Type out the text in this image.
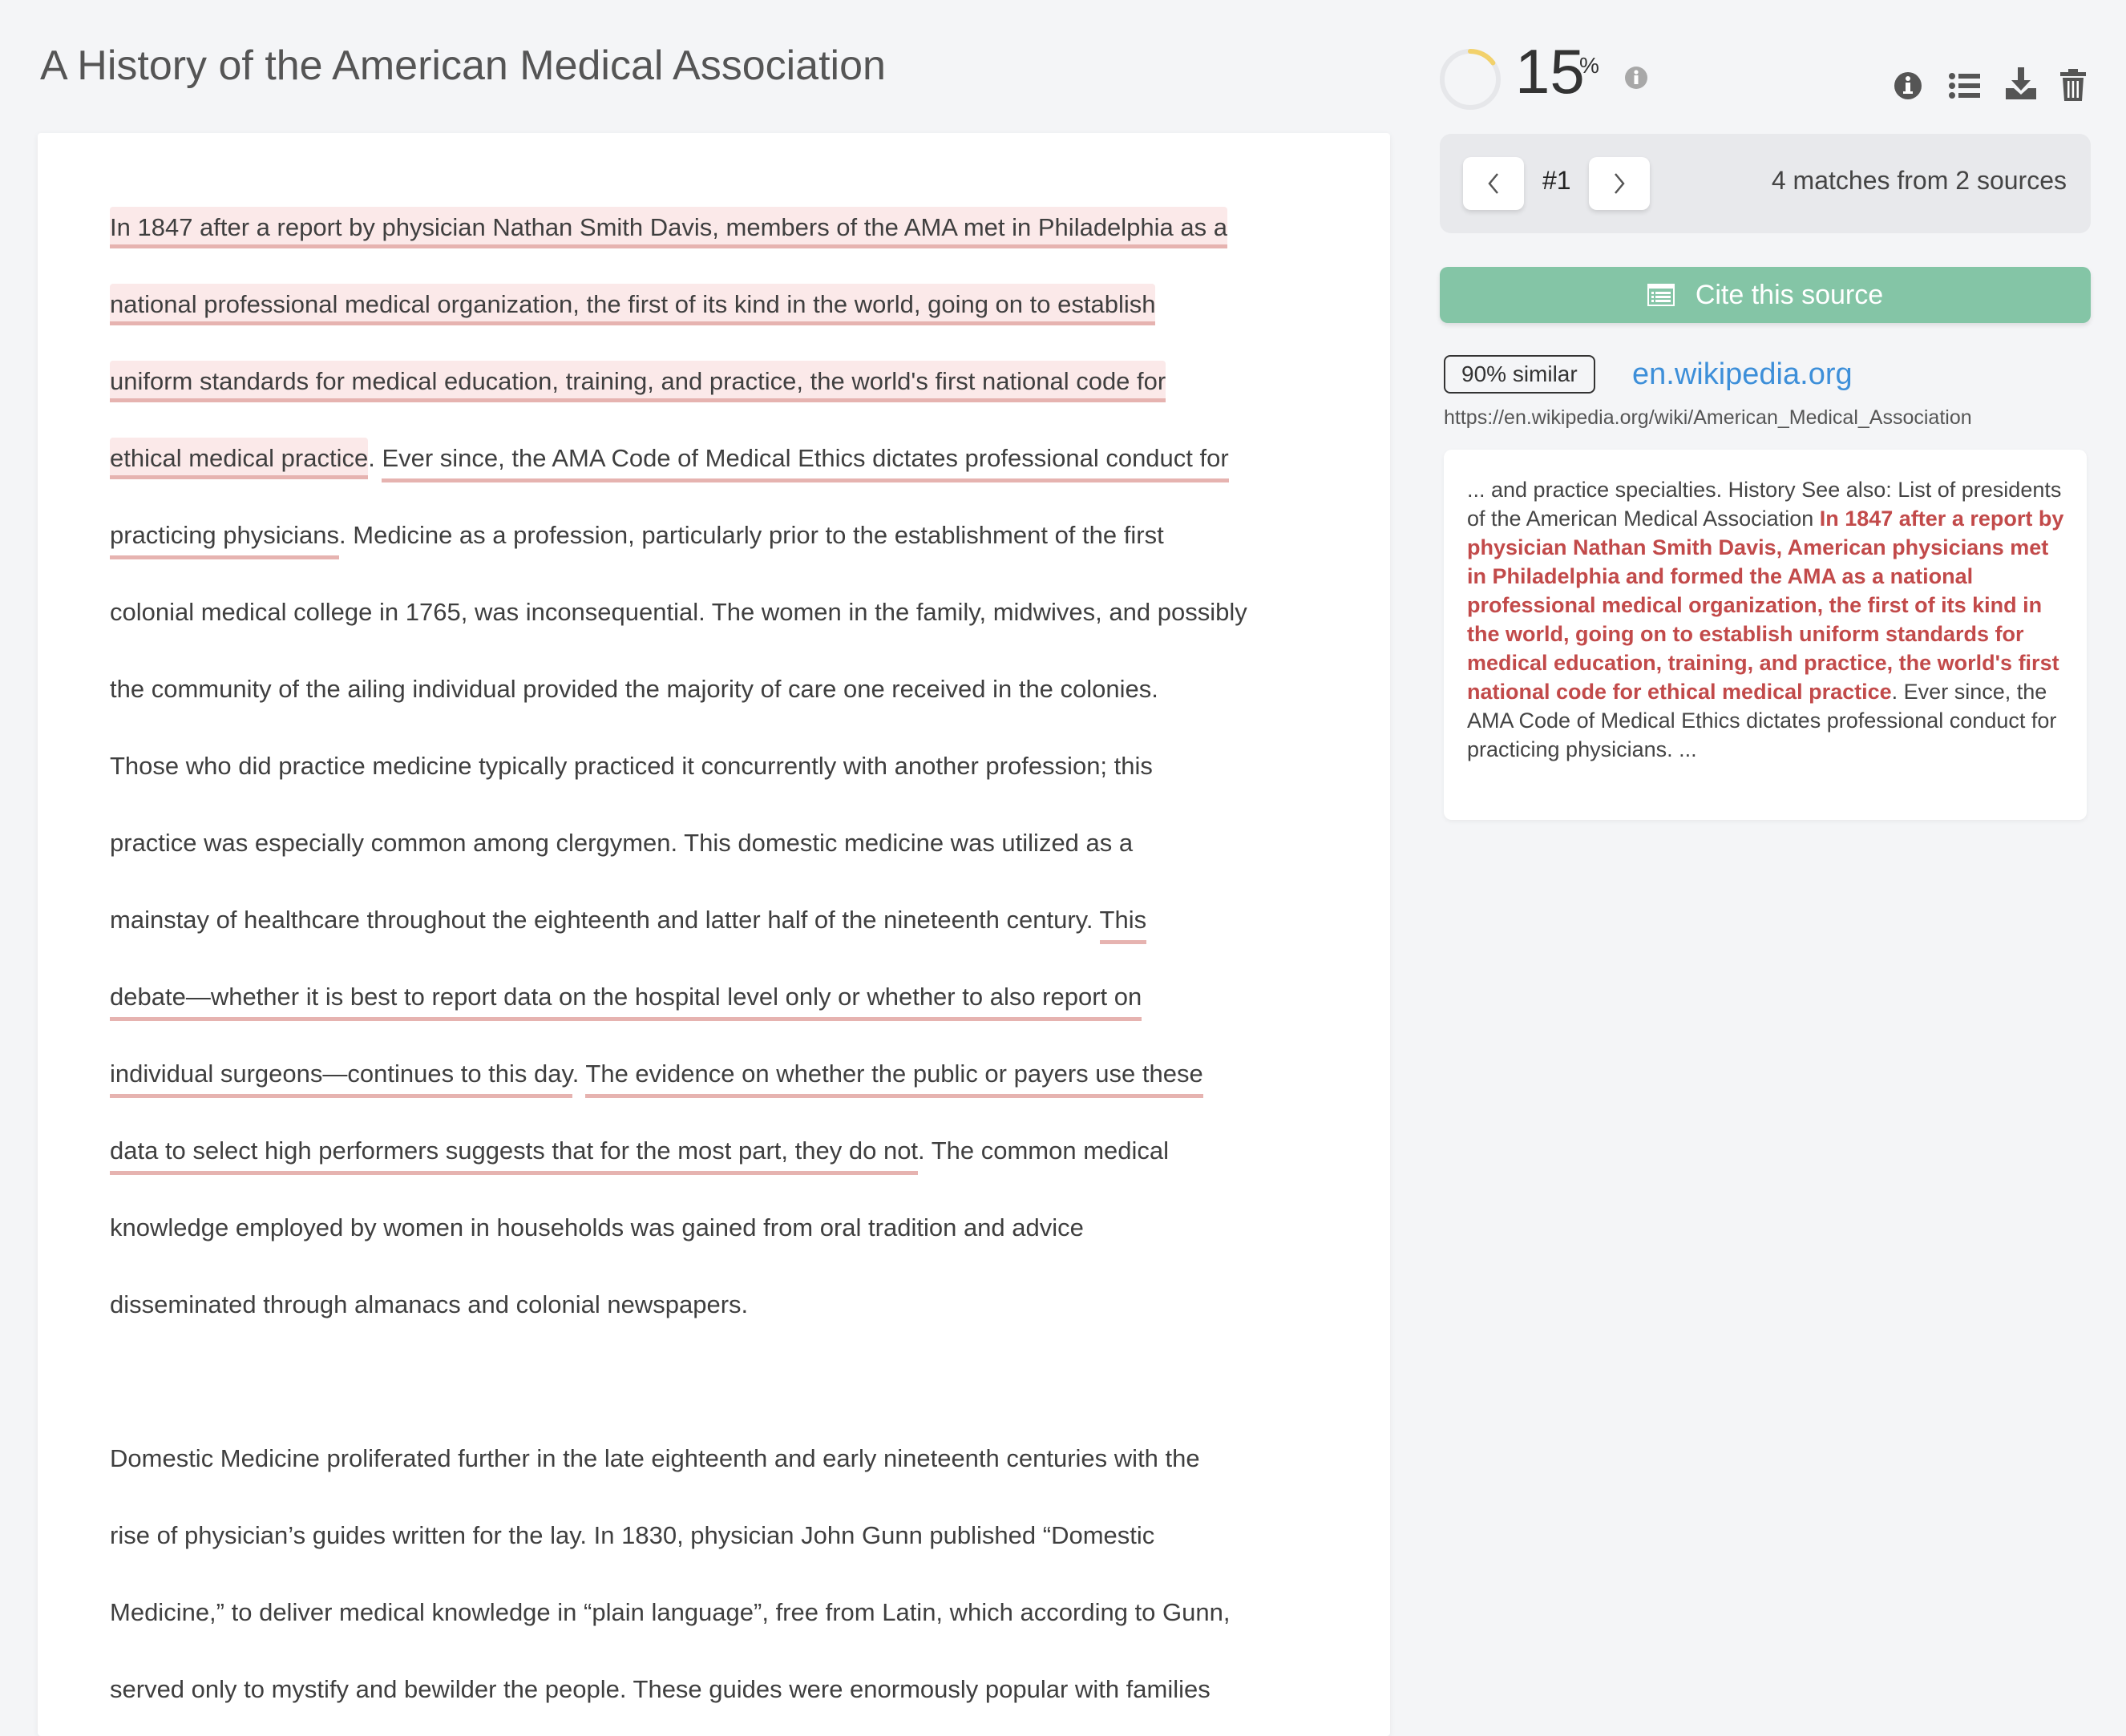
A History of the American Medical Association
In 1847 after a report by physician Nathan Smith Davis, members of the AMA met in Philadelphia as a
national professional medical organization, the first of its kind in the world, going on to establish
uniform standards for medical education, training, and practice, the world's first national code for
ethical medical practice. Ever since, the AMA Code of Medical Ethics dictates professional conduct for
practicing physicians. Medicine as a profession, particularly prior to the establishment of the first
colonial medical college in 1765, was inconsequential. The women in the family, midwives, and possibly
the community of the ailing individual provided the majority of care one received in the colonies.
Those who did practice medicine typically practiced it concurrently with another profession; this
practice was especially common among clergymen. This domestic medicine was utilized as a
mainstay of healthcare throughout the eighteenth and latter half of the nineteenth century. This
debate—whether it is best to report data on the hospital level only or whether to also report on
individual surgeons—continues to this day. The evidence on whether the public or payers use these
data to select high performers suggests that for the most part, they do not. The common medical
knowledge employed by women in households was gained from oral tradition and advice
disseminated through almanacs and colonial newspapers.
Domestic Medicine proliferated further in the late eighteenth and early nineteenth centuries with the
rise of physician’s guides written for the lay. In 1830, physician John Gunn published “Domestic
Medicine,” to deliver medical knowledge in “plain language”, free from Latin, which according to Gunn,
served only to mystify and bewilder the people. These guides were enormously popular with families
15
%
#1	4 matches from 2 sources
Cite this source
90% similar	en.wikipedia.org
https://en.wikipedia.org/wiki/American_Medical_Association
... and practice specialties. History See also: List of presidents of the American Medical Association In 1847 after a report by physician Nathan Smith Davis, American physicians met in Philadelphia and formed the AMA as a national professional medical organization, the first of its kind in the world, going on to establish uniform standards for medical education, training, and practice, the world's first national code for ethical medical practice. Ever since, the AMA Code of Medical Ethics dictates professional conduct for practicing physicians. ...
